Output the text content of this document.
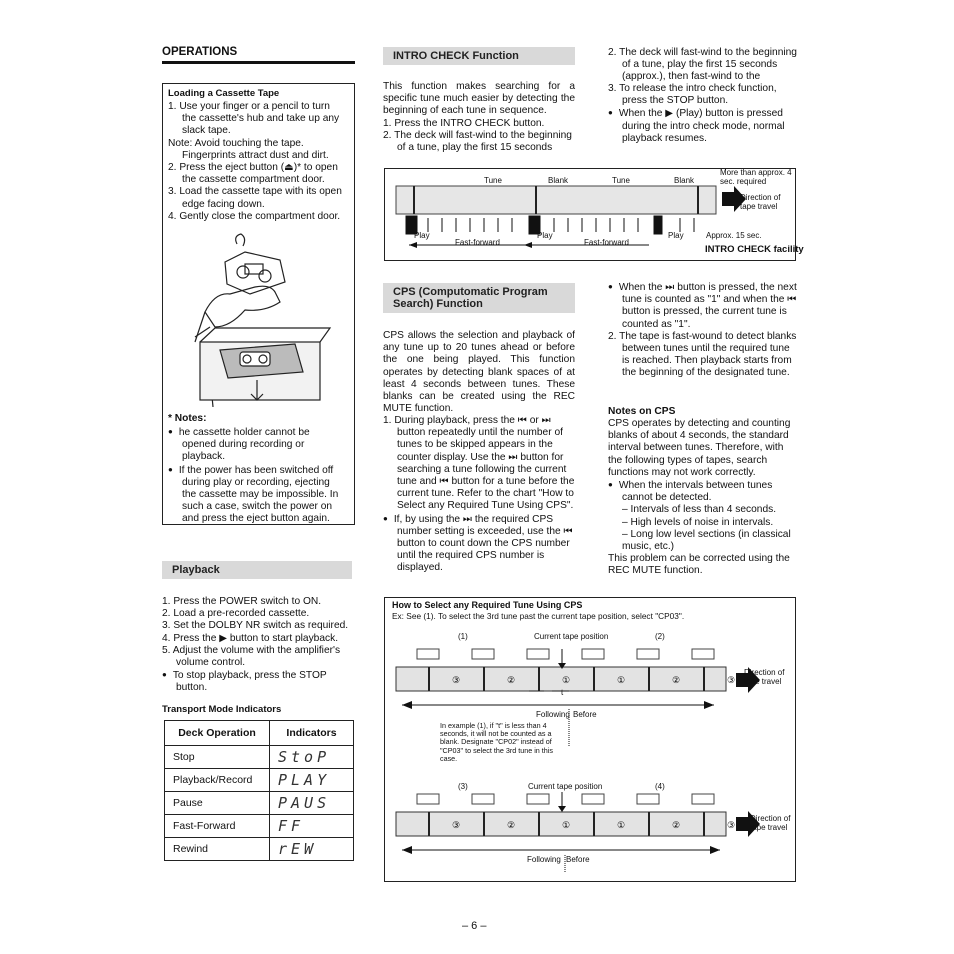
OPERATIONS
Loading a Cassette Tape
1. Use your finger or a pencil to turn the cassette's hub and take up any slack tape.
Note: Avoid touching the tape. Fingerprints attract dust and dirt.
2. Press the eject button (⏏)* to open the cassette compartment door.
3. Load the cassette tape with its open edge facing down.
4. Gently close the compartment door.
* Notes:
● he cassette holder cannot be opened during recording or playback.
● If the power has been switched off during play or recording, ejecting the cassette may be impossible. In such a case, switch the power on and press the eject button again.
Playback
1. Press the POWER switch to ON.
2. Load a pre-recorded cassette.
3. Set the DOLBY NR switch as required.
4. Press the ▶ button to start playback.
5. Adjust the volume with the amplifier's volume control.
● To stop playback, press the STOP button.
Transport Mode Indicators
Deck Operation	Indicators
Stop	StoP
Playback/Record	PLAY
Pause	PAUS
Fast-Forward	FF
Rewind	rEW
INTRO CHECK Function
This function makes searching for a specific tune much easier by detecting the beginning of each tune in sequence.
1. Press the INTRO CHECK button.
2. The deck will fast-wind to the beginning of a tune, play the first 15 seconds
2. The deck will fast-wind to the beginning of a tune, play the first 15 seconds (approx.), then fast-wind to the
3. To release the intro check function, press the STOP button.
● When the ▶ (Play) button is pressed during the intro check mode, normal playback resumes.
Tune	Blank	Tune	Blank
More than approx. 4 sec. required
Direction of tape travel
Play	Play	Play
Fast-forward	Fast-forward
Approx. 15 sec.
INTRO CHECK facility
CPS (Computomatic Program
Search) Function
CPS allows the selection and playback of any tune up to 20 tunes ahead or before the one being played. This function operates by detecting blank spaces of at least 4 seconds between tunes. These blanks can be created using the REC MUTE function.
1. During playback, press the ⏮ or ⏭ button repeatedly until the number of tunes to be skipped appears in the counter display. Use the ⏭ button for searching a tune following the current tune and ⏮ button for a tune before the current tune. Refer to the chart "How to Select any Required Tune Using CPS".
● If, by using the ⏭ the required CPS number setting is exceeded, use the ⏮ button to count down the CPS number until the required CPS number is displayed.
● When the ⏭ button is pressed, the next tune is counted as "1" and when the ⏮ button is pressed, the current tune is counted as "1".
2. The tape is fast-wound to detect blanks between tunes until the required tune is reached. Then playback starts from the beginning of the designated tune.
Notes on CPS
CPS operates by detecting and counting blanks of about 4 seconds, the standard interval between tunes. Therefore, with the following types of tapes, search functions may not work correctly.
● When the intervals between tunes cannot be detected.
– Intervals of less than 4 seconds.
– High levels of noise in intervals.
– Long low level sections (in classical music, etc.)
This problem can be corrected using the REC MUTE function.
How to Select any Required Tune Using CPS
Ex: See (1). To select the 3rd tune past the current tape position, select "CP03".
③	②	①	①	②	③
③	②	①	①	②	③
(1)	Current tape position	(2)
Direction of tape travel
t
Following Before
In example (1), if "t" is less than 4 seconds, it will not be counted as a blank. Designate "CP02" instead of "CP03" to select the 3rd tune in this case.
(3)	Current tape position	(4)
Direction of tape travel
Following Before
– 6 –
